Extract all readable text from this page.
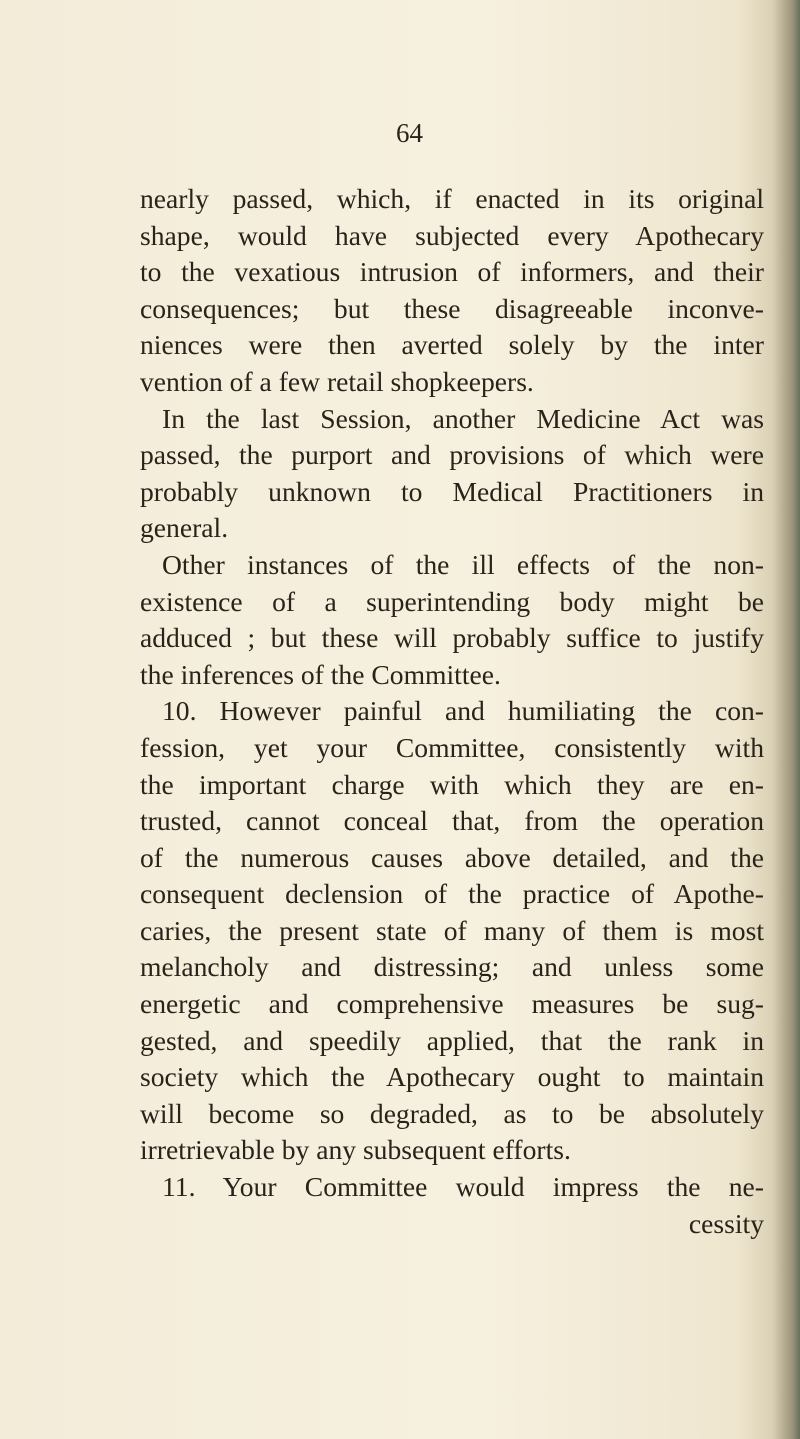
64
nearly passed, which, if enacted in its original
shape, would have subjected every Apothecary
to the vexatious intrusion of informers, and their
consequences; but these disagreeable inconve-
niences were then averted solely by the inter
vention of a few retail shopkeepers.
In the last Session, another Medicine Act was
passed, the purport and provisions of which were
probably unknown to Medical Practitioners in
general.
Other instances of the ill effects of the non-
existence of a superintending body might be
adduced ; but these will probably suffice to justify
the inferences of the Committee.
10. However painful and humiliating the con-
fession, yet your Committee, consistently with
the important charge with which they are en-
trusted, cannot conceal that, from the operation
of the numerous causes above detailed, and the
consequent declension of the practice of Apothe-
caries, the present state of many of them is most
melancholy and distressing; and unless some
energetic and comprehensive measures be sug-
gested, and speedily applied, that the rank in
society which the Apothecary ought to maintain
will become so degraded, as to be absolutely
irretrievable by any subsequent efforts.
11. Your Committee would impress the ne-
cessity
